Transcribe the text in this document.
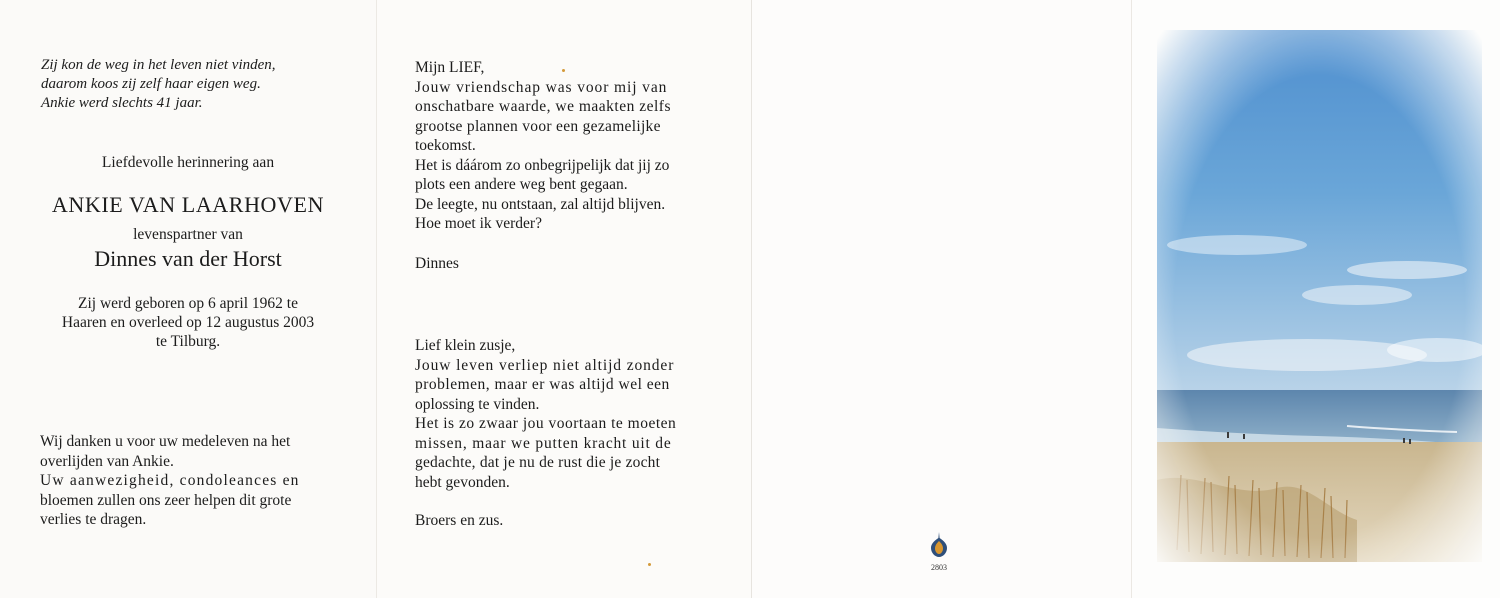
Zij kon de weg in het leven niet vinden,
daarom koos zij zelf haar eigen weg.
Ankie werd slechts 41 jaar.
Liefdevolle herinnering aan
ANKIE VAN LAARHOVEN
levenspartner van
Dinnes van der Horst
Zij werd geboren op 6 april 1962 te
Haaren en overleed op 12 augustus 2003
te Tilburg.
Wij danken u voor uw medeleven na het
overlijden van Ankie.
Uw aanwezigheid, condoleances en
bloemen zullen ons zeer helpen dit grote
verlies te dragen.
Mijn LIEF,
Jouw vriendschap was voor mij van
onschatbare waarde, we maakten zelfs
grootse plannen voor een gezamelijke
toekomst.
Het is dáárom zo onbegrijpelijk dat jij zo
plots een andere weg bent gegaan.
De leegte, nu ontstaan, zal altijd blijven.
Hoe moet ik verder?
Dinnes
Lief klein zusje,
Jouw leven verliep niet altijd zonder
problemen, maar er was altijd wel een
oplossing te vinden.
Het is zo zwaar jou voortaan te moeten
missen, maar we putten kracht uit de
gedachte, dat je nu de rust die je zocht
hebt gevonden.
Broers en zus.
2803
